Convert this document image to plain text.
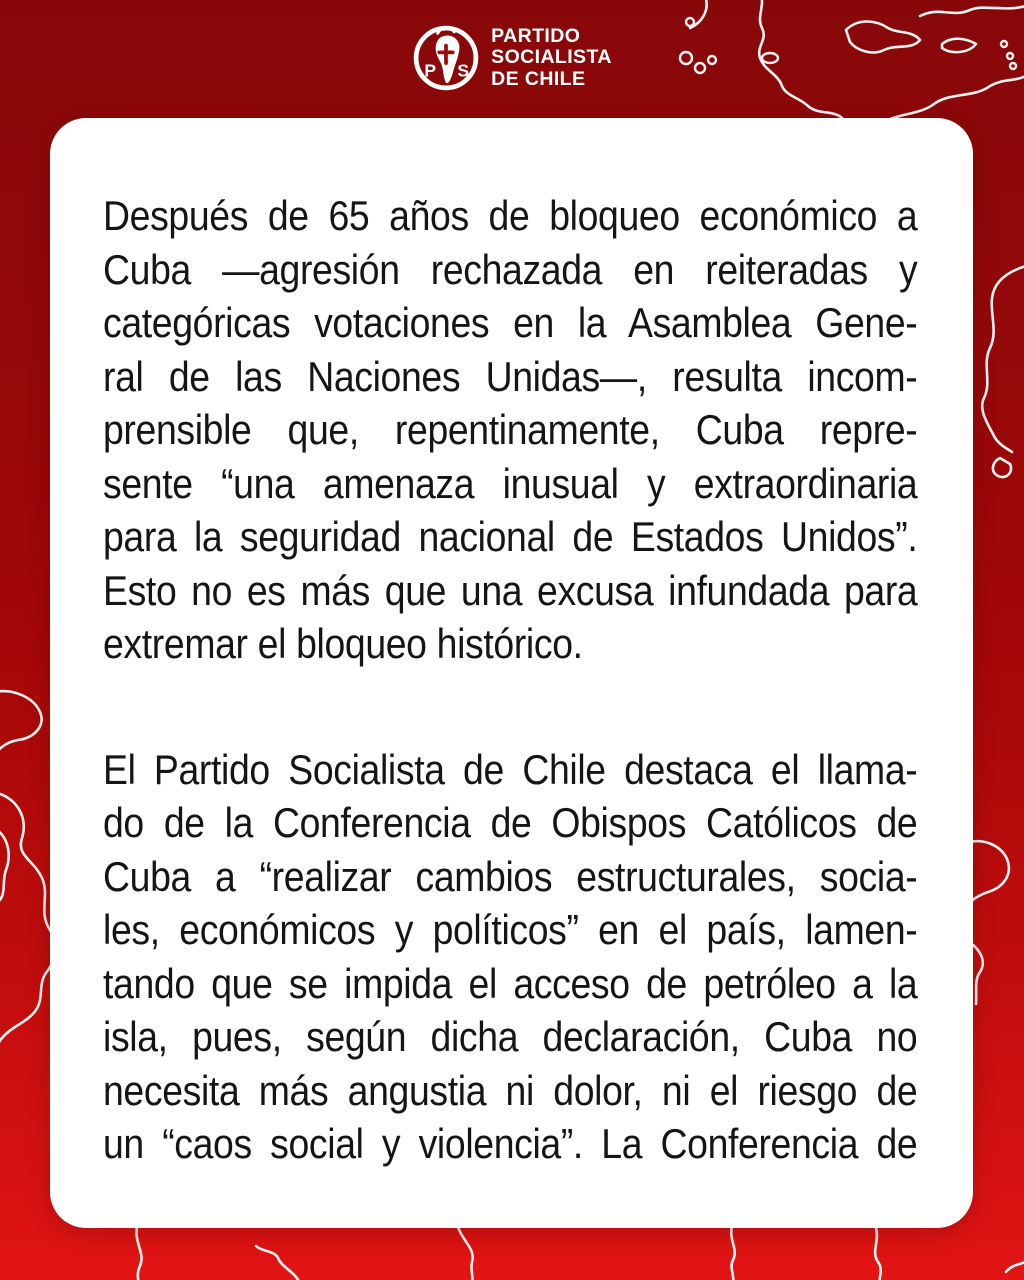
P S
PARTIDO
SOCIALISTA
DE CHILE
Después de 65 años de bloqueo económico a
Cuba —agresión rechazada en reiteradas y
categóricas votaciones en la Asamblea Gene-
ral de las Naciones Unidas—, resulta incom-
prensible que, repentinamente, Cuba repre-
sente “una amenaza inusual y extraordinaria
para la seguridad nacional de Estados Unidos”.
Esto no es más que una excusa infundada para
extremar el bloqueo histórico.
El Partido Socialista de Chile destaca el llama-
do de la Conferencia de Obispos Católicos de
Cuba a “realizar cambios estructurales, socia-
les, económicos y políticos” en el país, lamen-
tando que se impida el acceso de petróleo a la
isla, pues, según dicha declaración, Cuba no
necesita más angustia ni dolor, ni el riesgo de
un “caos social y violencia”. La Conferencia de
